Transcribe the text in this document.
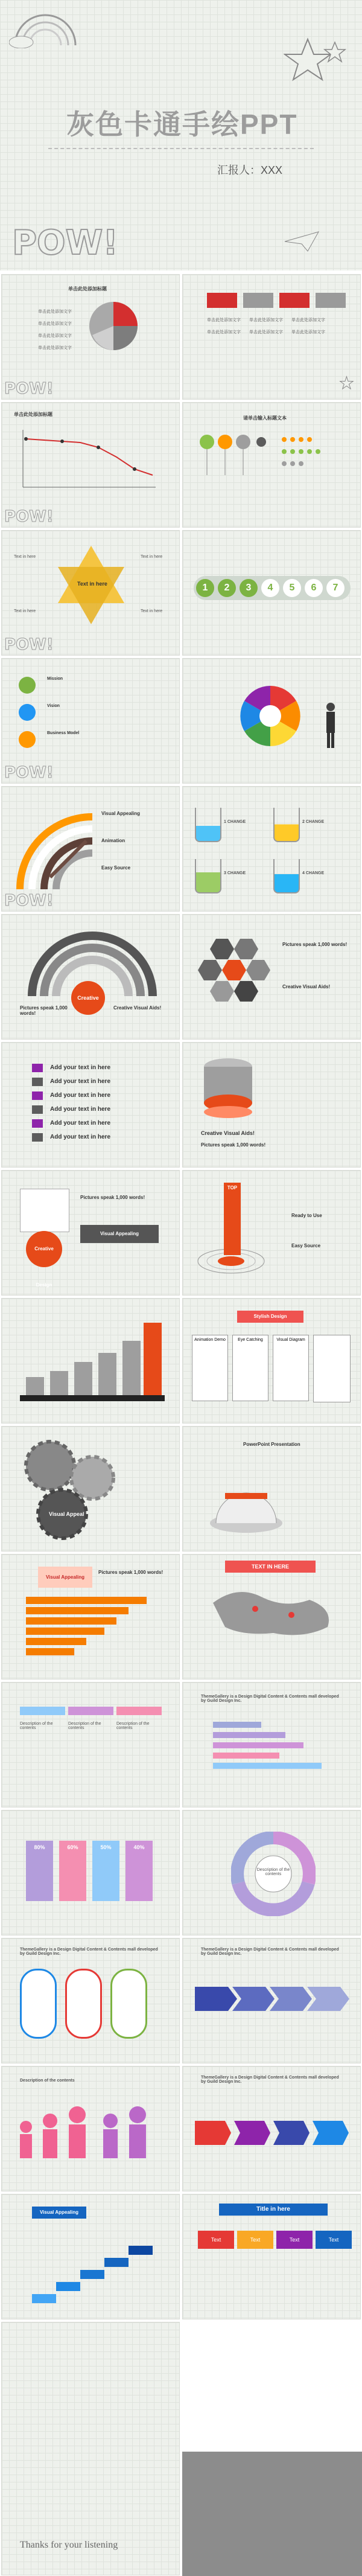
灰色卡通手绘PPT
汇报人：XXX
POW!
单击此处添加标题
单击此处添加文字
单击此处添加文字
单击此处添加文字
单击此处添加文字
POW!
单击此处添加文字 单击此处添加文字 单击此处添加文字
单击此处添加文字 单击此处添加文字 单击此处添加文字
★
单击此处添加标题
POW!
请单击输入标题文本
Text in here
Text in here	Text in here
Text in here	Text in here
POW!
1	2	3	4	5	6	7
Mission
Vision
Business Model
POW!
Visual Appealing
Animation
Easy Source
POW!
1 CHANGE	2 CHANGE
3 CHANGE	4 CHANGE
Creative
Pictures speak 1,000 words!
Creative Visual Aids!
Pictures speak 1,000 words!
Creative Visual Aids!
Add your text in here
Add your text in here
Add your text in here
Add your text in here
Add your text in here
Add your text in here
Creative Visual Aids!
Pictures speak 1,000 words!
Creative Design
Pictures speak 1,000 words!
Visual Appealing
TOP
Ready to Use
Easy Source
Stylish Design
Animation Demo	Eye Catching	Visual Diagram
Visual Appeal
PowerPoint Presentation
Visual Appealing
Pictures speak 1,000 words!
TEXT IN HERE
Description of the contents
Description of the contents
Description of the contents
ThemeGallery is a Design Digital Content & Contents mall developed by Guild Design Inc.
80%	60%	50%	40%
Description of the contents
ThemeGallery is a Design Digital Content & Contents mall developed by Guild Design Inc.
ThemeGallery is a Design Digital Content & Contents mall developed by Guild Design Inc.
Description of the contents
ThemeGallery is a Design Digital Content & Contents mall developed by Guild Design Inc.
Visual Appealing	Title in here
Text	Text	Text	Text
Thanks for your listening
